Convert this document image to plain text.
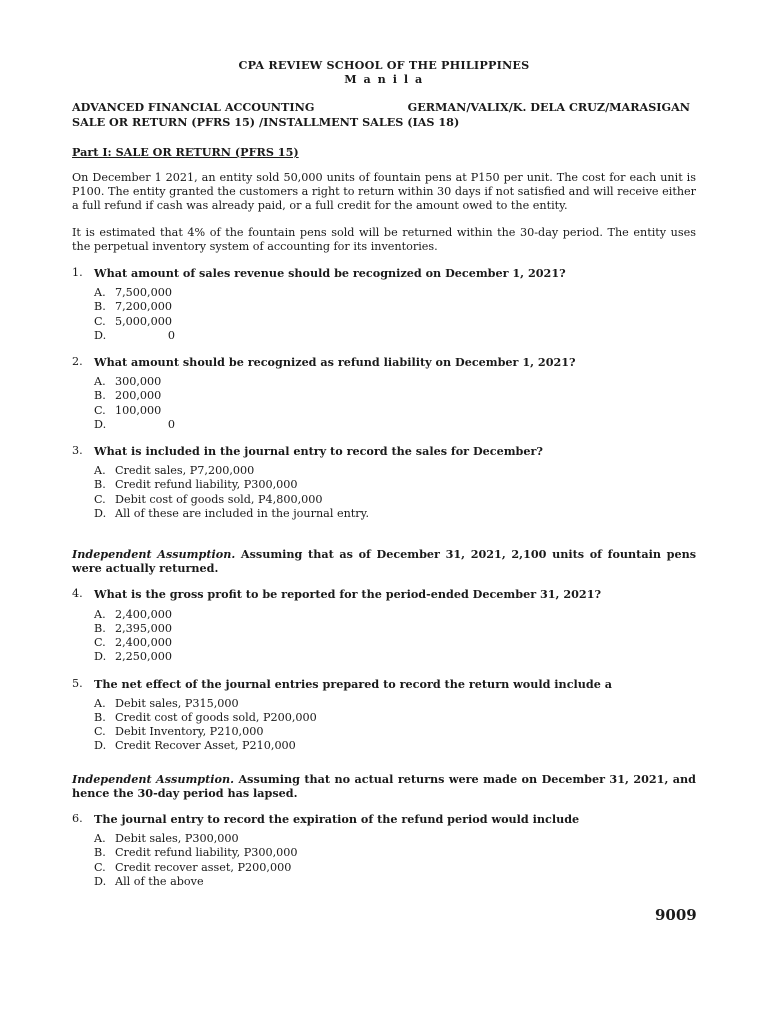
CPA REVIEW SCHOOL OF THE PHILIPPINES
M a n i l a
ADVANCED FINANCIAL ACCOUNTING	GERMAN/VALIX/K. DELA CRUZ/MARASIGAN
SALE OR RETURN (PFRS 15) /INSTALLMENT SALES (IAS 18)
Part I: SALE OR RETURN (PFRS 15)

On December 1 2021, an entity sold 50,000 units of fountain pens at P150 per unit. The cost for each unit is P100. The entity granted the customers a right to return within 30 days if not satisfied and will receive either a full refund if cash was already paid, or a full credit for the amount owed to the entity.

It is estimated that 4% of the fountain pens sold will be returned within the 30-day period. The entity uses the perpetual inventory system of accounting for its inventories.

1.	What amount of sales revenue should be recognized on December 1, 2021?
A. 7,500,000
B. 7,200,000
C. 5,000,000
D.	0
2.	What amount should be recognized as refund liability on December 1, 2021?
A. 300,000
B. 200,000
C. 100,000
D.	0
3.	What is included in the journal entry to record the sales for December?
A. Credit sales, P7,200,000
B. Credit refund liability, P300,000
C. Debit cost of goods sold, P4,800,000
D. All of these are included in the journal entry.
Independent Assumption. Assuming that as of December 31, 2021, 2,100 units of fountain pens were actually returned.
4.	What is the gross profit to be reported for the period-ended December 31, 2021?
A. 2,400,000
B. 2,395,000
C. 2,400,000
D. 2,250,000
5.	The net effect of the journal entries prepared to record the return would include a
A. Debit sales, P315,000
B. Credit cost of goods sold, P200,000
C. Debit Inventory, P210,000
D. Credit Recover Asset, P210,000
Independent Assumption. Assuming that no actual returns were made on December 31, 2021, and hence the 30-day period has lapsed.
6.	The journal entry to record the expiration of the refund period would include
A. Debit sales, P300,000
B. Credit refund liability, P300,000
C. Credit recover asset, P200,000
D. All of the above
9009
